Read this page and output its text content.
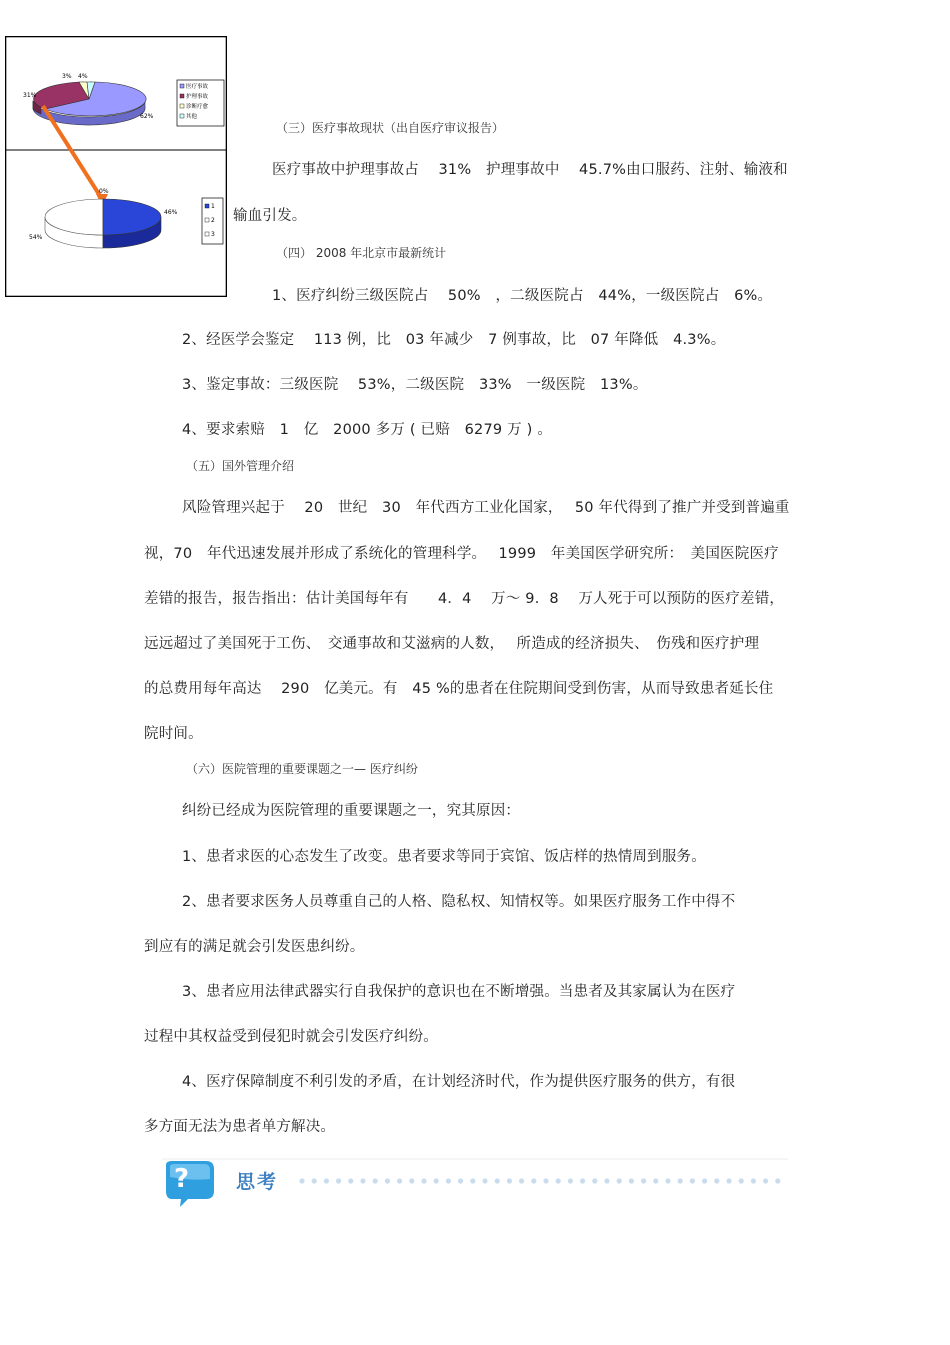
31%
3% 4%
62%
医疗事故
护理事故
诊断疗愈
其他
0%
46%
54%
1
2
3
（三）医疗事故现状（出自医疗审议报告）
医疗事故中护理事故占　 31%　护理事故中　 45.7%由口服药、注射、输液和
输血引发。
（四） 2008 年北京市最新统计
1、医疗纠纷三级医院占　 50%　，二级医院占　44%，一级医院占　6%。
2、经医学会鉴定　 113 例，比　03 年减少　7 例事故，比　07 年降低　4.3%。
3、鉴定事故：三级医院　 53%，二级医院　33%　一级医院　13%。
4、要求索赔　1　亿　2000 多万 ( 已赔　6279 万 ) 。
（五）国外管理介绍
风险管理兴起于　 20　世纪　30　年代西方工业化国家，　 50 年代得到了推广并受到普遍重
视，70　年代迅速发展并形成了系统化的管理科学。　 1999　年美国医学研究所：　美国医院医疗
差错的报告，报告指出：估计美国每年有　　4．4　 万～ 9．8　 万人死于可以预防的医疗差错，
远远超过了美国死于工伤、　交通事故和艾滋病的人数，　 所造成的经济损失、　伤残和医疗护理
的总费用每年高达　 290　亿美元。有　45 %的患者在住院期间受到伤害，从而导致患者延长住
院时间。
（六）医院管理的重要课题之一— 医疗纠纷
纠纷已经成为医院管理的重要课题之一，究其原因：
1、患者求医的心态发生了改变。患者要求等同于宾馆、饭店样的热情周到服务。
2、患者要求医务人员尊重自己的人格、隐私权、知情权等。如果医疗服务工作中得不
到应有的满足就会引发医患纠纷。
3、患者应用法律武器实行自我保护的意识也在不断增强。当患者及其家属认为在医疗
过程中其权益受到侵犯时就会引发医疗纠纷。
4、医疗保障制度不利引发的矛盾，在计划经济时代，作为提供医疗服务的供方，有很
多方面无法为患者单方解决。
? 思考
